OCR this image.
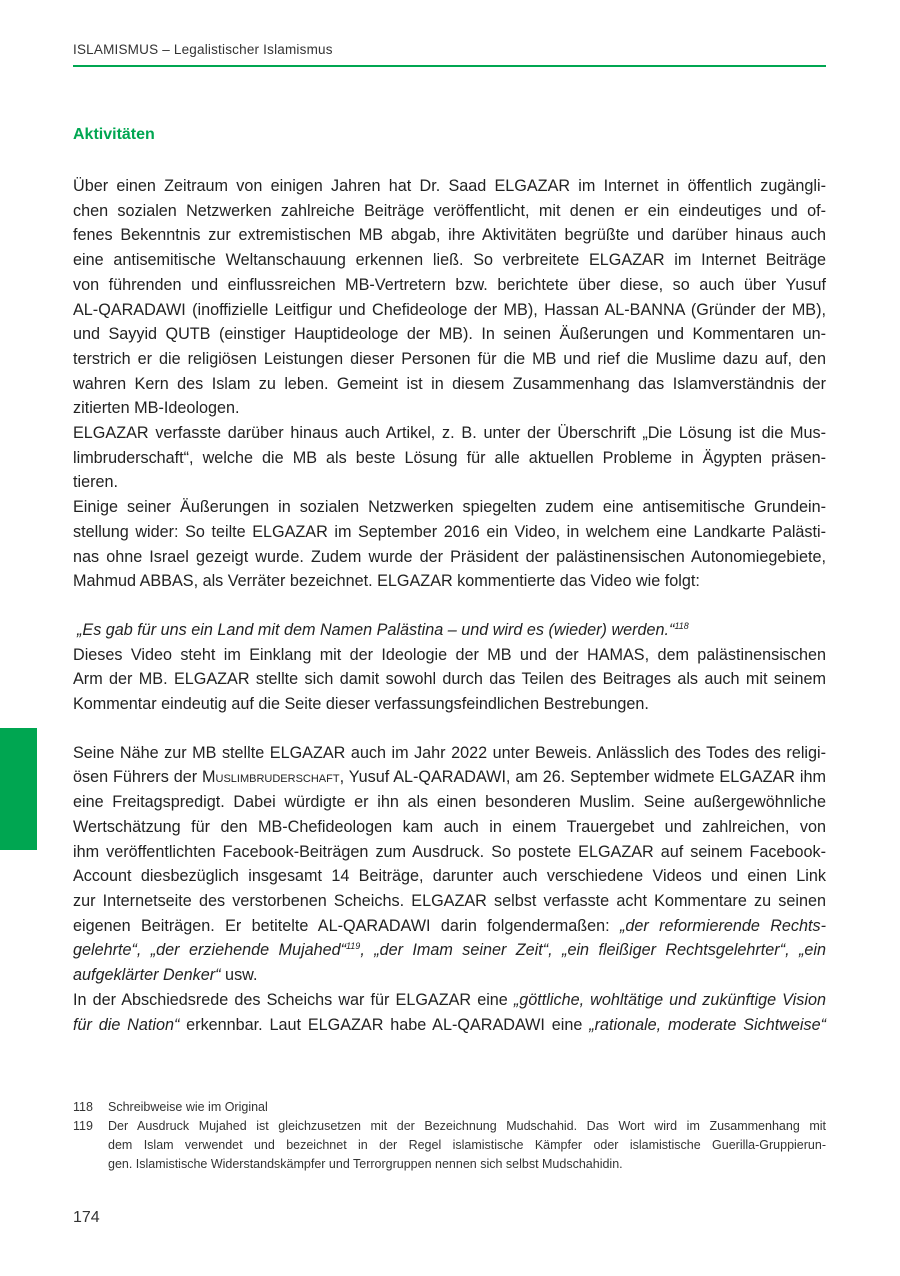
ISLAMISMUS – Legalistischer Islamismus
Aktivitäten

Über einen Zeitraum von einigen Jahren hat Dr. Saad ELGAZAR im Internet in öffentlich zugängli-

chen sozialen Netzwerken zahlreiche Beiträge veröffentlicht, mit denen er ein eindeutiges und of-

fenes Bekenntnis zur extremistischen MB abgab, ihre Aktivitäten begrüßte und darüber hinaus auch

eine antisemitische Weltanschauung erkennen ließ. So verbreitete ELGAZAR im Internet Beiträge

von führenden und einflussreichen MB-Vertretern bzw. berichtete über diese, so auch über Yusuf

AL-QARADAWI (inoffizielle Leitfigur und Chefideologe der MB), Hassan AL-BANNA (Gründer der MB),

und Sayyid QUTB (einstiger Hauptideologe der MB). In seinen Äußerungen und Kommentaren un-

terstrich er die religiösen Leistungen dieser Personen für die MB und rief die Muslime dazu auf, den

wahren Kern des Islam zu leben. Gemeint ist in diesem Zusammenhang das Islamverständnis der

zitierten MB-Ideologen.

ELGAZAR verfasste darüber hinaus auch Artikel, z. B. unter der Überschrift „Die Lösung ist die Mus-

limbruderschaft“, welche die MB als beste Lösung für alle aktuellen Probleme in Ägypten präsen-

tieren.

Einige seiner Äußerungen in sozialen Netzwerken spiegelten zudem eine antisemitische Grundein-

stellung wider: So teilte ELGAZAR im September 2016 ein Video, in welchem eine Landkarte Palästi-

nas ohne Israel gezeigt wurde. Zudem wurde der Präsident der palästinensischen Autonomiegebiete,

Mahmud ABBAS, als Verräter bezeichnet. ELGAZAR kommentierte das Video wie folgt:

„Es gab für uns ein Land mit dem Namen Palästina – und wird es (wieder) werden.“$^{118}$

Dieses Video steht im Einklang mit der Ideologie der MB und der HAMAS, dem palästinensischen

Arm der MB. ELGAZAR stellte sich damit sowohl durch das Teilen des Beitrages als auch mit seinem

Kommentar eindeutig auf die Seite dieser verfassungsfeindlichen Bestrebungen.

Seine Nähe zur MB stellte ELGAZAR auch im Jahr 2022 unter Beweis. Anlässlich des Todes des religi-

ösen Führers der Muslimbruderschaft, Yusuf AL-QARADAWI, am 26. September widmete ELGAZAR ihm

eine Freitagspredigt. Dabei würdigte er ihn als einen besonderen Muslim. Seine außergewöhnliche

Wertschätzung für den MB-Chefideologen kam auch in einem Trauergebet und zahlreichen, von

ihm veröffentlichten Facebook-Beiträgen zum Ausdruck. So postete ELGAZAR auf seinem Facebook-

Account diesbezüglich insgesamt 14 Beiträge, darunter auch verschiedene Videos und einen Link

zur Internetseite des verstorbenen Scheichs. ELGAZAR selbst verfasste acht Kommentare zu seinen

eigenen Beiträgen. Er betitelte AL-QARADAWI darin folgendermaßen: „der reformierende Rechts-

gelehrte“, „der erziehende Mujahed“$^{119}$, „der Imam seiner Zeit“, „ein fleißiger Rechtsgelehrter“, „ein

aufgeklärter Denker“ usw.

In der Abschiedsrede des Scheichs war für ELGAZAR eine „göttliche, wohltätige und zukünftige Vision

für die Nation“ erkennbar. Laut ELGAZAR habe AL-QARADAWI eine „rationale, moderate Sichtweise“

118	Schreibweise wie im Original
119	Der Ausdruck Mujahed ist gleichzusetzen mit der Bezeichnung Mudschahid. Das Wort wird im Zusammenhang mit
dem Islam verwendet und bezeichnet in der Regel islamistische Kämpfer oder islamistische Guerilla-Gruppierun-
gen. Islamistische Widerstandskämpfer und Terrorgruppen nennen sich selbst Mudschahidin.
174
